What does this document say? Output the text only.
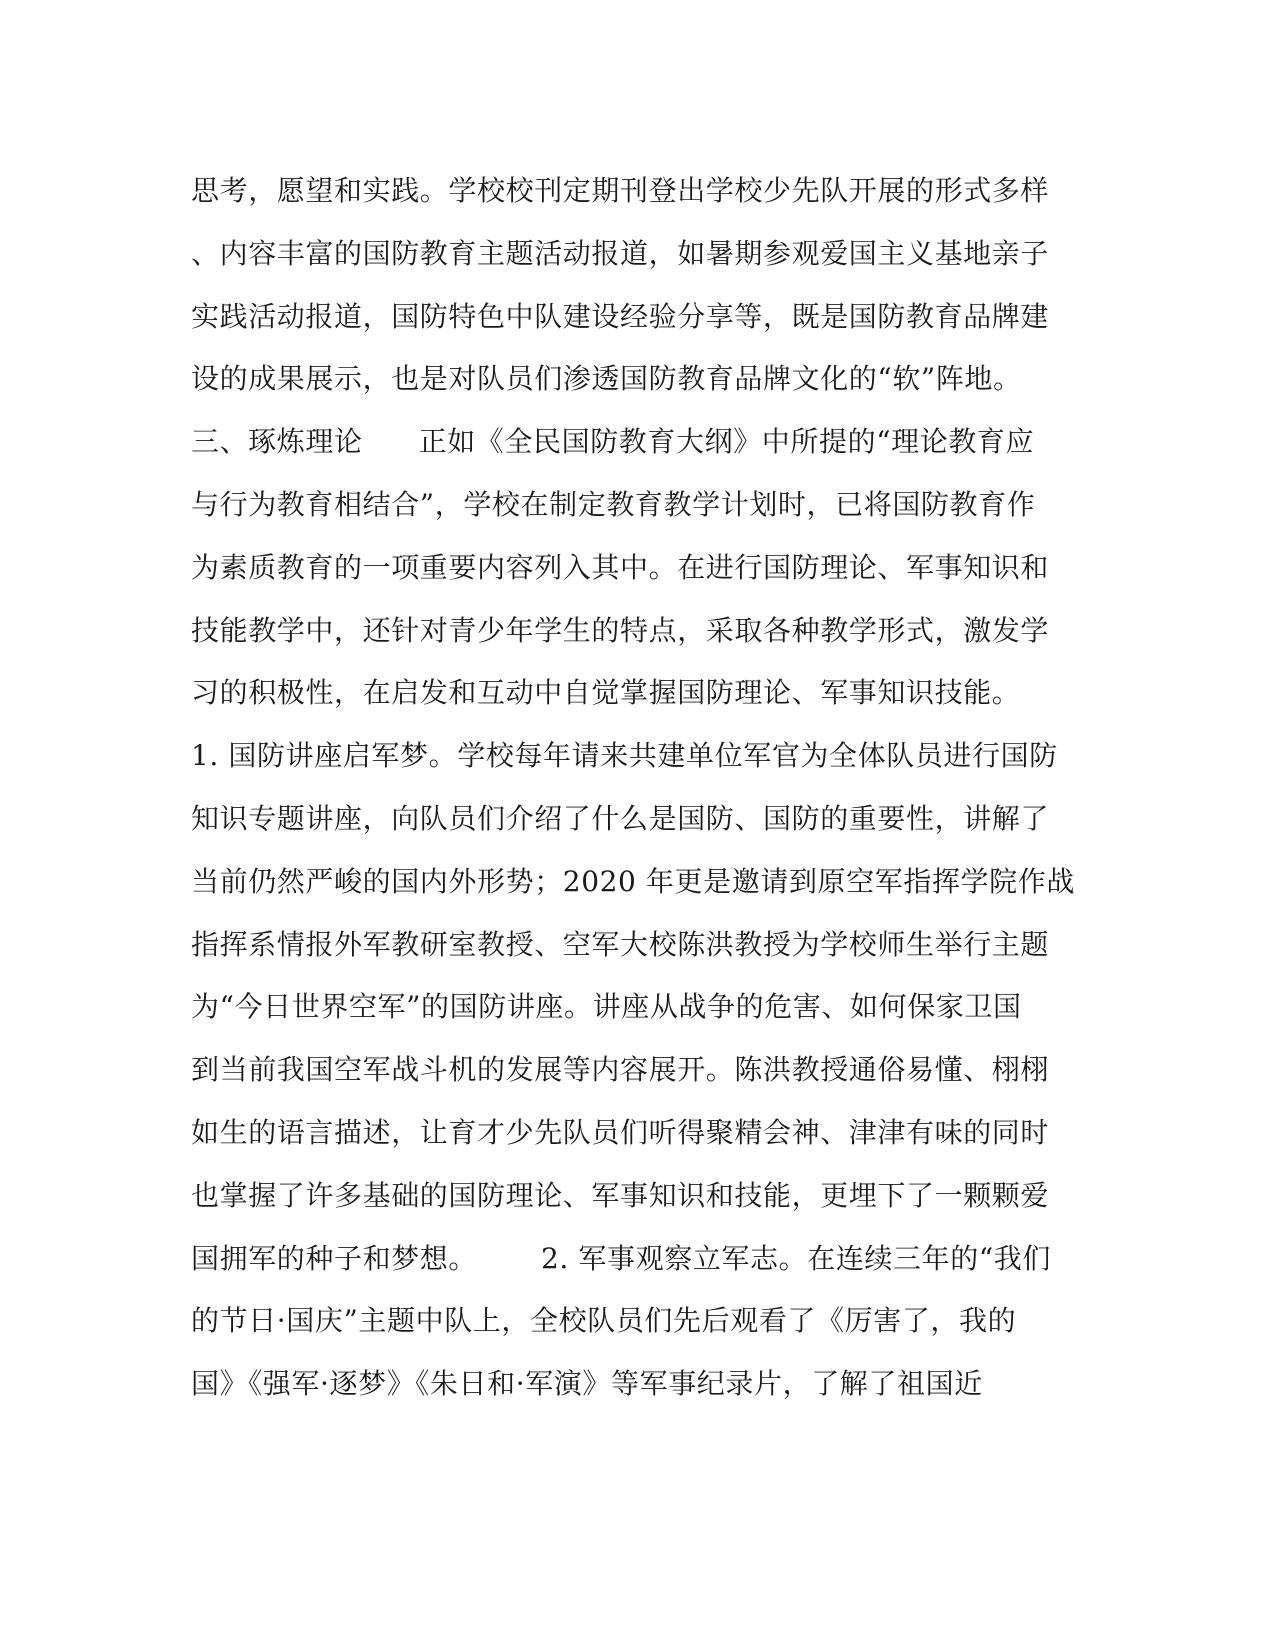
思考，愿望和实践。学校校刊定期刊登出学校少先队开展的形式多样
、内容丰富的国防教育主题活动报道，如暑期参观爱国主义基地亲子
实践活动报道，国防特色中队建设经验分享等，既是国防教育品牌建
设的成果展示，也是对队员们渗透国防教育品牌文化的“软”阵地。
三、琢炼理论 正如《全民国防教育大纲》中所提的“理论教育应
与行为教育相结合”，学校在制定教育教学计划时，已将国防教育作
为素质教育的一项重要内容列入其中。在进行国防理论、军事知识和
技能教学中，还针对青少年学生的特点，采取各种教学形式，激发学
习的积极性，在启发和互动中自觉掌握国防理论、军事知识技能。
1. 国防讲座启军梦。学校每年请来共建单位军官为全体队员进行国防
知识专题讲座，向队员们介绍了什么是国防、国防的重要性，讲解了
当前仍然严峻的国内外形势；2020 年更是邀请到原空军指挥学院作战
指挥系情报外军教研室教授、空军大校陈洪教授为学校师生举行主题
为“今日世界空军”的国防讲座。讲座从战争的危害、如何保家卫国
到当前我国空军战斗机的发展等内容展开。陈洪教授通俗易懂、栩栩
如生的语言描述，让育才少先队员们听得聚精会神、津津有味的同时
也掌握了许多基础的国防理论、军事知识和技能，更埋下了一颗颗爱
国拥军的种子和梦想。 2. 军事观察立军志。在连续三年的“我们
的节日·国庆”主题中队上，全校队员们先后观看了《厉害了，我的
国》《强军·逐梦》《朱日和·军演》等军事纪录片，了解了祖国近
